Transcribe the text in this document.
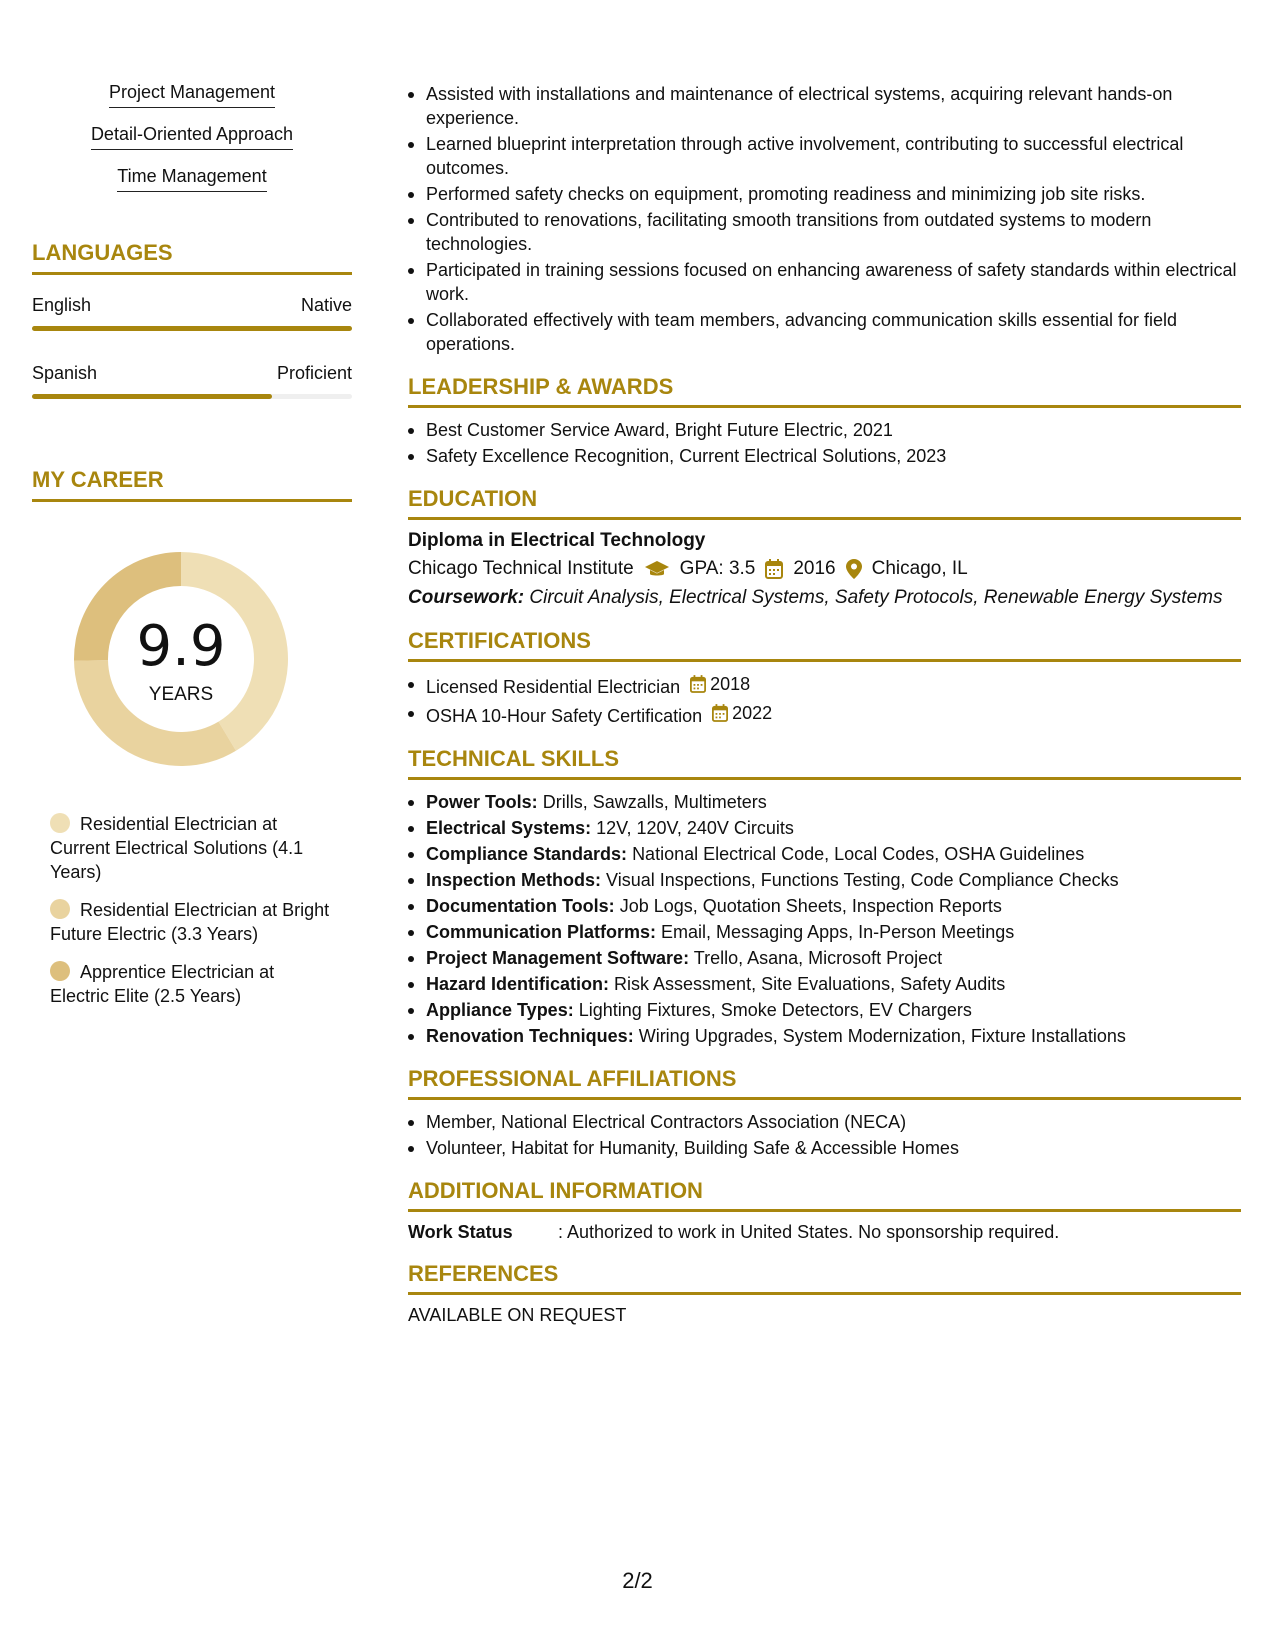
Project Management
Detail-Oriented Approach
Time Management
LANGUAGES
English	Native
Spanish	Proficient
MY CAREER
9.9
YEARS
Residential Electrician at Current Electrical Solutions (4.1 Years)
Residential Electrician at Bright Future Electric (3.3 Years)
Apprentice Electrician at Electric Elite (2.5 Years)
Assisted with installations and maintenance of electrical systems, acquiring relevant hands-on experience.
Learned blueprint interpretation through active involvement, contributing to successful electrical outcomes.
Performed safety checks on equipment, promoting readiness and minimizing job site risks.
Contributed to renovations, facilitating smooth transitions from outdated systems to modern technologies.
Participated in training sessions focused on enhancing awareness of safety standards within electrical work.
Collaborated effectively with team members, advancing communication skills essential for field operations.
LEADERSHIP & AWARDS
Best Customer Service Award, Bright Future Electric, 2021
Safety Excellence Recognition, Current Electrical Solutions, 2023
EDUCATION
Diploma in Electrical Technology
Chicago Technical Institute GPA: 3.5 2016 Chicago, IL
Coursework: Circuit Analysis, Electrical Systems, Safety Protocols, Renewable Energy Systems
CERTIFICATIONS
Licensed Residential Electrician 2018
OSHA 10-Hour Safety Certification 2022
TECHNICAL SKILLS
Power Tools: Drills, Sawzalls, Multimeters
Electrical Systems: 12V, 120V, 240V Circuits
Compliance Standards: National Electrical Code, Local Codes, OSHA Guidelines
Inspection Methods: Visual Inspections, Functions Testing, Code Compliance Checks
Documentation Tools: Job Logs, Quotation Sheets, Inspection Reports
Communication Platforms: Email, Messaging Apps, In-Person Meetings
Project Management Software: Trello, Asana, Microsoft Project
Hazard Identification: Risk Assessment, Site Evaluations, Safety Audits
Appliance Types: Lighting Fixtures, Smoke Detectors, EV Chargers
Renovation Techniques: Wiring Upgrades, System Modernization, Fixture Installations
PROFESSIONAL AFFILIATIONS
Member, National Electrical Contractors Association (NECA)
Volunteer, Habitat for Humanity, Building Safe & Accessible Homes
ADDITIONAL INFORMATION
Work Status	: Authorized to work in United States. No sponsorship required.
REFERENCES
AVAILABLE ON REQUEST
2/2
